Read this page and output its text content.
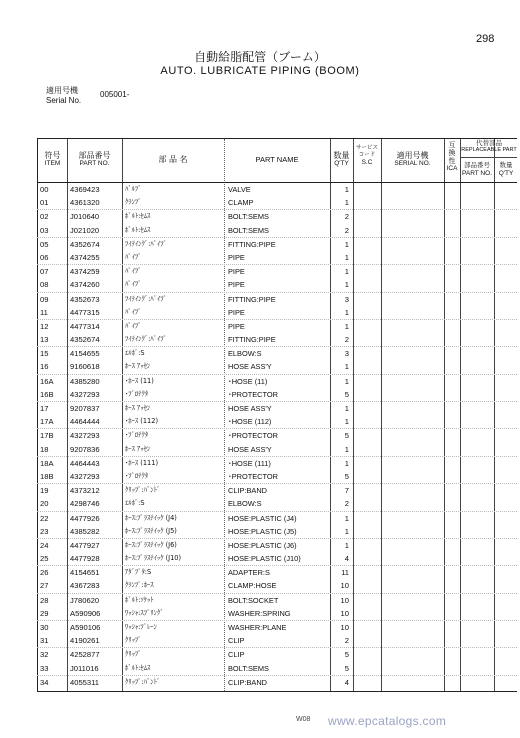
298
自動給脂配管（ブーム）
AUTO. LUBRICATE PIPING (BOOM)
適用号機
Serial No.
005001-
符号
ITEM
部品番号
PART NO.	部 品 名	PART NAME	数量
Q'TY
サービス コード
S.C
適用号機
SERIAL NO.
互換性
ICA
代替部品
REPLACEABLE PART
部品番号
PART NO.
数量
Q'TY
00	4369423	ﾊﾞﾙﾌﾞ	VALVE	1
01	4361320	ｸﾗﾝﾌﾟ	CLAMP	1
02	J010640	ﾎﾞﾙﾄ:ｾﾑｽ	BOLT:SEMS	2
03	J021020	ﾎﾞﾙﾄ:ｾﾑｽ	BOLT:SEMS	2
05	4352674	ﾌｲﾃｲﾝｸﾞ:ﾊﾟｲﾌﾟ	FITTING:PIPE	1
06	4374255	ﾊﾟｲﾌﾟ	PIPE	1
07	4374259	ﾊﾟｲﾌﾟ	PIPE	1
08	4374260	ﾊﾟｲﾌﾟ	PIPE	1
09	4352673	ﾌｲﾃｲﾝｸﾞ:ﾊﾟｲﾌﾟ	FITTING:PIPE	3
11	4477315	ﾊﾟｲﾌﾟ	PIPE	1
12	4477314	ﾊﾟｲﾌﾟ	PIPE	1
13	4352674	ﾌｲﾃｲﾝｸﾞ:ﾊﾟｲﾌﾟ	FITTING:PIPE	2
15	4154655	ｴﾙﾎﾞ:S	ELBOW:S	3
16	9160618	ﾎｰｽ ｱｯｾﾝ	HOSE ASS'Y	1
16A 4385280	･ﾎｰｽ (11)	･HOSE (11)	1
16B 4327293	･ﾌﾟﾛﾃｸﾀ	･PROTECTOR	5
17	9207837	ﾎｰｽ ｱｯｾﾝ	HOSE ASS'Y	1
17A 4464444	･ﾎｰｽ (112)	･HOSE (112)	1
17B 4327293	･ﾌﾟﾛﾃｸﾀ	･PROTECTOR	5
18	9207836	ﾎｰｽ ｱｯｾﾝ	HOSE ASS'Y	1
18A 4464443	･ﾎｰｽ (111)	･HOSE (111)	1
18B 4327293	･ﾌﾟﾛﾃｸﾀ	･PROTECTOR	5
19	4373212	ｸﾘｯﾌﾟ:ﾊﾞﾝﾄﾞ	CLIP:BAND	7
20	4298746	ｴﾙﾎﾞ:S	ELBOW:S	2
22	4477926	ﾎｰｽ:ﾌﾟﾗｽﾃｲｯｸ (J4)	HOSE:PLASTIC (J4)	1
23	4385282	ﾎｰｽ:ﾌﾟﾗｽﾃｲｯｸ (J5)	HOSE:PLASTIC (J5)	1
24	4477927	ﾎｰｽ:ﾌﾟﾗｽﾃｲｯｸ (J6)	HOSE:PLASTIC (J6)	1
25	4477928	ﾎｰｽ:ﾌﾟﾗｽﾃｲｯｸ (J10)	HOSE:PLASTIC (J10)	4
26	4154651	ｱﾀﾞﾌﾟﾀ:S	ADAPTER:S	11
27	4367283	ｸﾗﾝﾌﾟ:ﾎｰｽ	CLAMP:HOSE	10
28	J780620	ﾎﾞﾙﾄ:ｿｹｯﾄ	BOLT:SOCKET	10
29	A590906	ﾜｯｼｬ:ｽﾌﾟﾘﾝｸﾞ	WASHER:SPRING	10
30	A590106	ﾜｯｼｬ:ﾌﾟﾚｰﾝ	WASHER:PLANE	10
31	4190261	ｸﾘｯﾌﾟ	CLIP	2
32	4252877	ｸﾘｯﾌﾟ	CLIP	5
33	J011016	ﾎﾞﾙﾄ:ｾﾑｽ	BOLT:SEMS	5
34	4055311	ｸﾘｯﾌﾟ:ﾊﾞﾝﾄﾞ	CLIP:BAND	4
W08 www.epcatalogs.com
